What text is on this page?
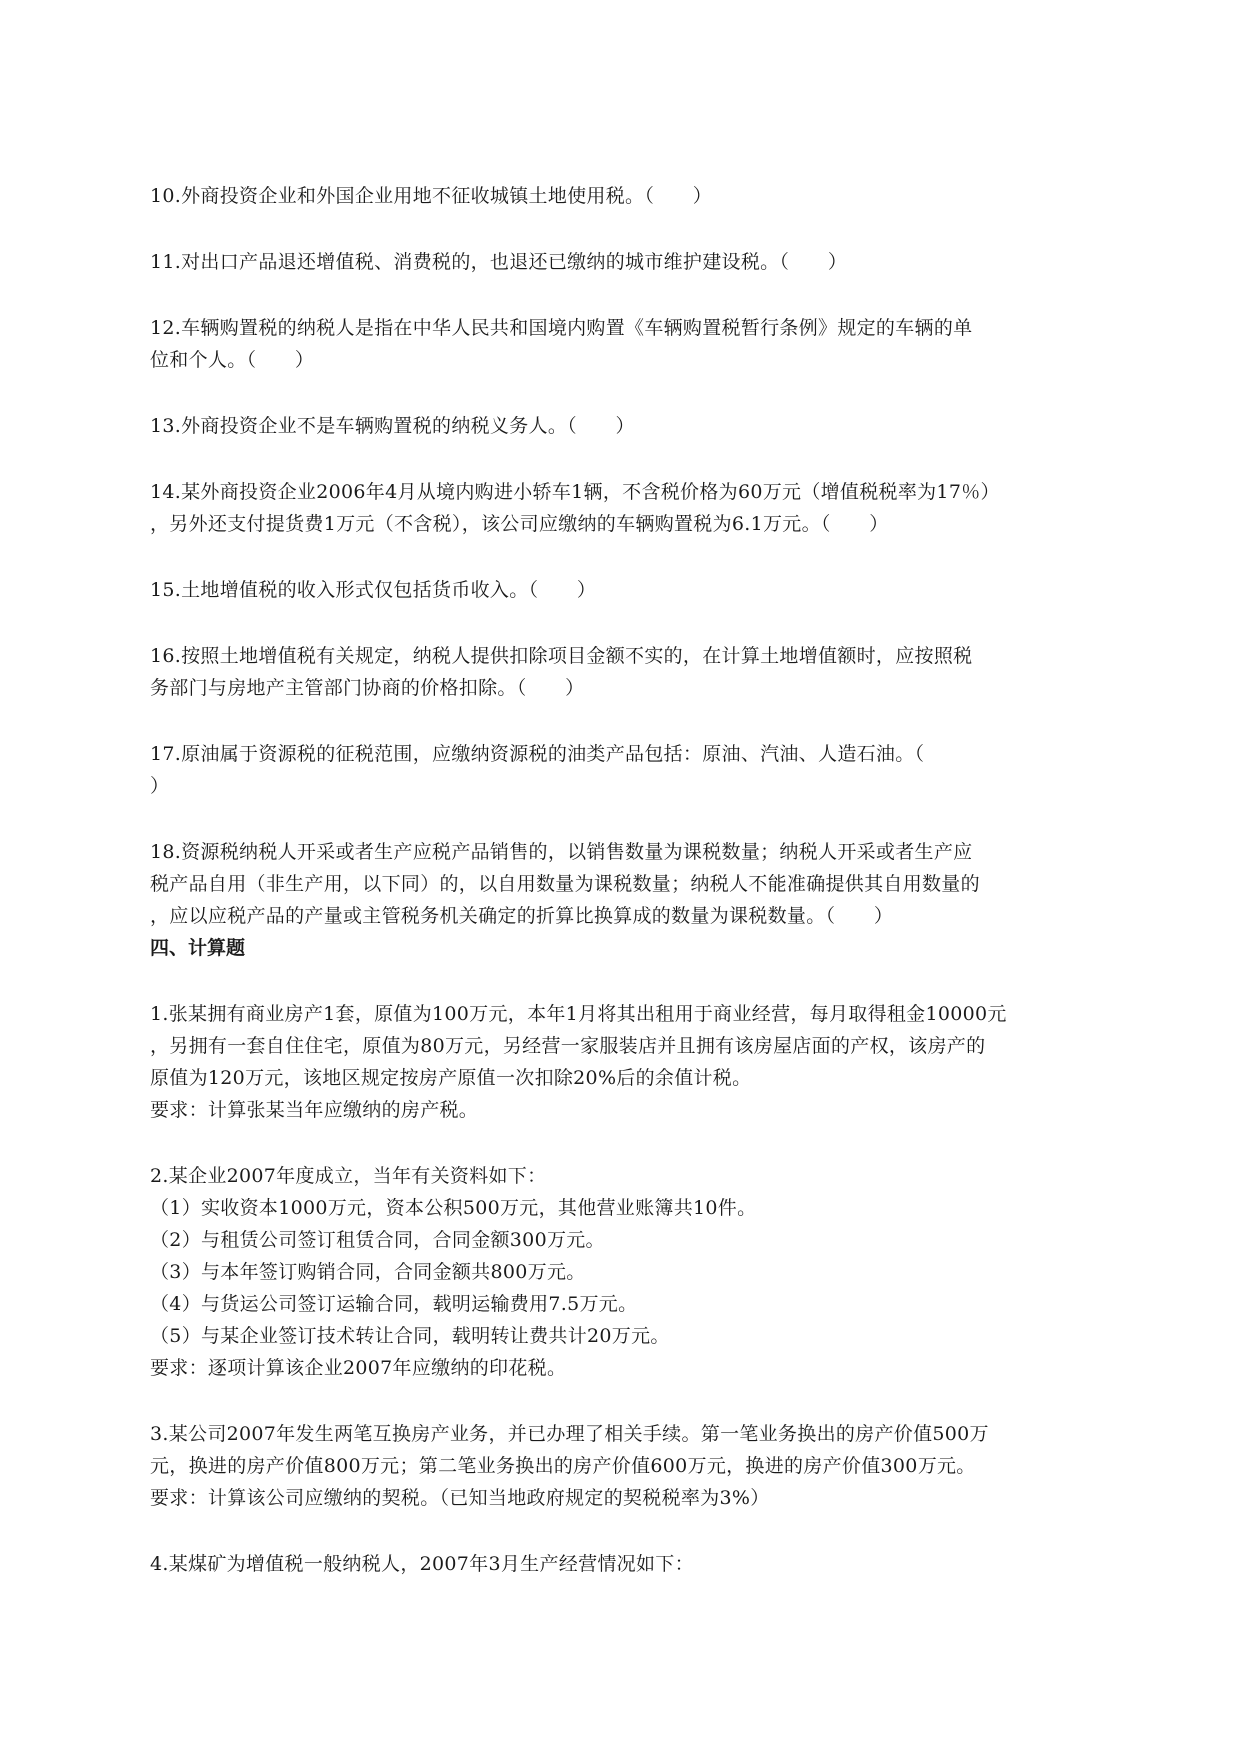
10.外商投资企业和外国企业用地不征收城镇土地使用税。（　　）
11.对出口产品退还增值税、消费税的，也退还已缴纳的城市维护建设税。（　　）
12.车辆购置税的纳税人是指在中华人民共和国境内购置《车辆购置税暂行条例》规定的车辆的单
位和个人。（　　）
13.外商投资企业不是车辆购置税的纳税义务人。（　　）
14.某外商投资企业2006年4月从境内购进小轿车1辆，不含税价格为60万元（增值税税率为17％）
，另外还支付提货费1万元（不含税），该公司应缴纳的车辆购置税为6.1万元。（　　）
15.土地增值税的收入形式仅包括货币收入。（　　）
16.按照土地增值税有关规定，纳税人提供扣除项目金额不实的，在计算土地增值额时，应按照税
务部门与房地产主管部门协商的价格扣除。（　　）
17.原油属于资源税的征税范围，应缴纳资源税的油类产品包括：原油、汽油、人造石油。（
）
18.资源税纳税人开采或者生产应税产品销售的，以销售数量为课税数量；纳税人开采或者生产应
税产品自用（非生产用，以下同）的，以自用数量为课税数量；纳税人不能准确提供其自用数量的
，应以应税产品的产量或主管税务机关确定的折算比换算成的数量为课税数量。（　　）
四、计算题
1.张某拥有商业房产1套，原值为100万元，本年1月将其出租用于商业经营，每月取得租金10000元
，另拥有一套自住住宅，原值为80万元，另经营一家服装店并且拥有该房屋店面的产权，该房产的
原值为120万元，该地区规定按房产原值一次扣除20%后的余值计税。
要求：计算张某当年应缴纳的房产税。
2.某企业2007年度成立，当年有关资料如下：
（1）实收资本1000万元，资本公积500万元，其他营业账簿共10件。
（2）与租赁公司签订租赁合同，合同金额300万元。
（3）与本年签订购销合同，合同金额共800万元。
（4）与货运公司签订运输合同，载明运输费用7.5万元。
（5）与某企业签订技术转让合同，载明转让费共计20万元。
要求：逐项计算该企业2007年应缴纳的印花税。
3.某公司2007年发生两笔互换房产业务，并已办理了相关手续。第一笔业务换出的房产价值500万
元，换进的房产价值800万元；第二笔业务换出的房产价值600万元，换进的房产价值300万元。
要求：计算该公司应缴纳的契税。（已知当地政府规定的契税税率为3%）
4.某煤矿为增值税一般纳税人，2007年3月生产经营情况如下：
